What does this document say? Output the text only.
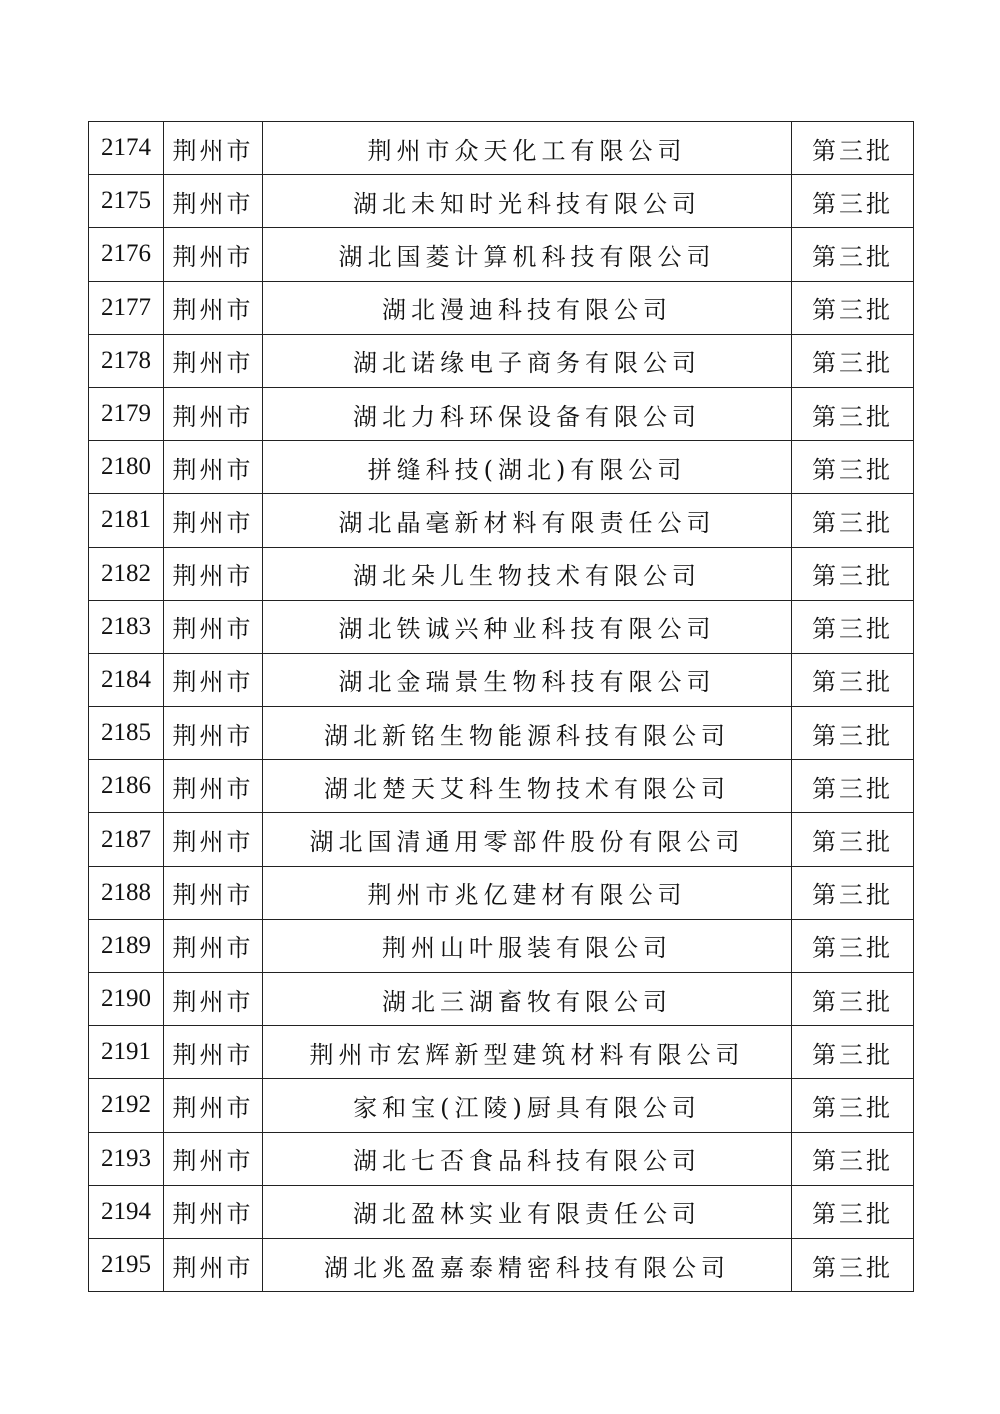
2174	荆州市	荆州市众天化工有限公司	第三批
2175	荆州市	湖北未知时光科技有限公司	第三批
2176	荆州市	湖北国菱计算机科技有限公司	第三批
2177	荆州市	湖北漫迪科技有限公司	第三批
2178	荆州市	湖北诺缘电子商务有限公司	第三批
2179	荆州市	湖北力科环保设备有限公司	第三批
2180	荆州市	拼缝科技(湖北)有限公司	第三批
2181	荆州市	湖北晶毫新材料有限责任公司	第三批
2182	荆州市	湖北朵儿生物技术有限公司	第三批
2183	荆州市	湖北铁诚兴种业科技有限公司	第三批
2184	荆州市	湖北金瑞景生物科技有限公司	第三批
2185	荆州市	湖北新铭生物能源科技有限公司	第三批
2186	荆州市	湖北楚天艾科生物技术有限公司	第三批
2187	荆州市	湖北国清通用零部件股份有限公司	第三批
2188	荆州市	荆州市兆亿建材有限公司	第三批
2189	荆州市	荆州山叶服装有限公司	第三批
2190	荆州市	湖北三湖畜牧有限公司	第三批
2191	荆州市	荆州市宏辉新型建筑材料有限公司	第三批
2192	荆州市	家和宝(江陵)厨具有限公司	第三批
2193	荆州市	湖北七否食品科技有限公司	第三批
2194	荆州市	湖北盈林实业有限责任公司	第三批
2195	荆州市	湖北兆盈嘉泰精密科技有限公司	第三批
